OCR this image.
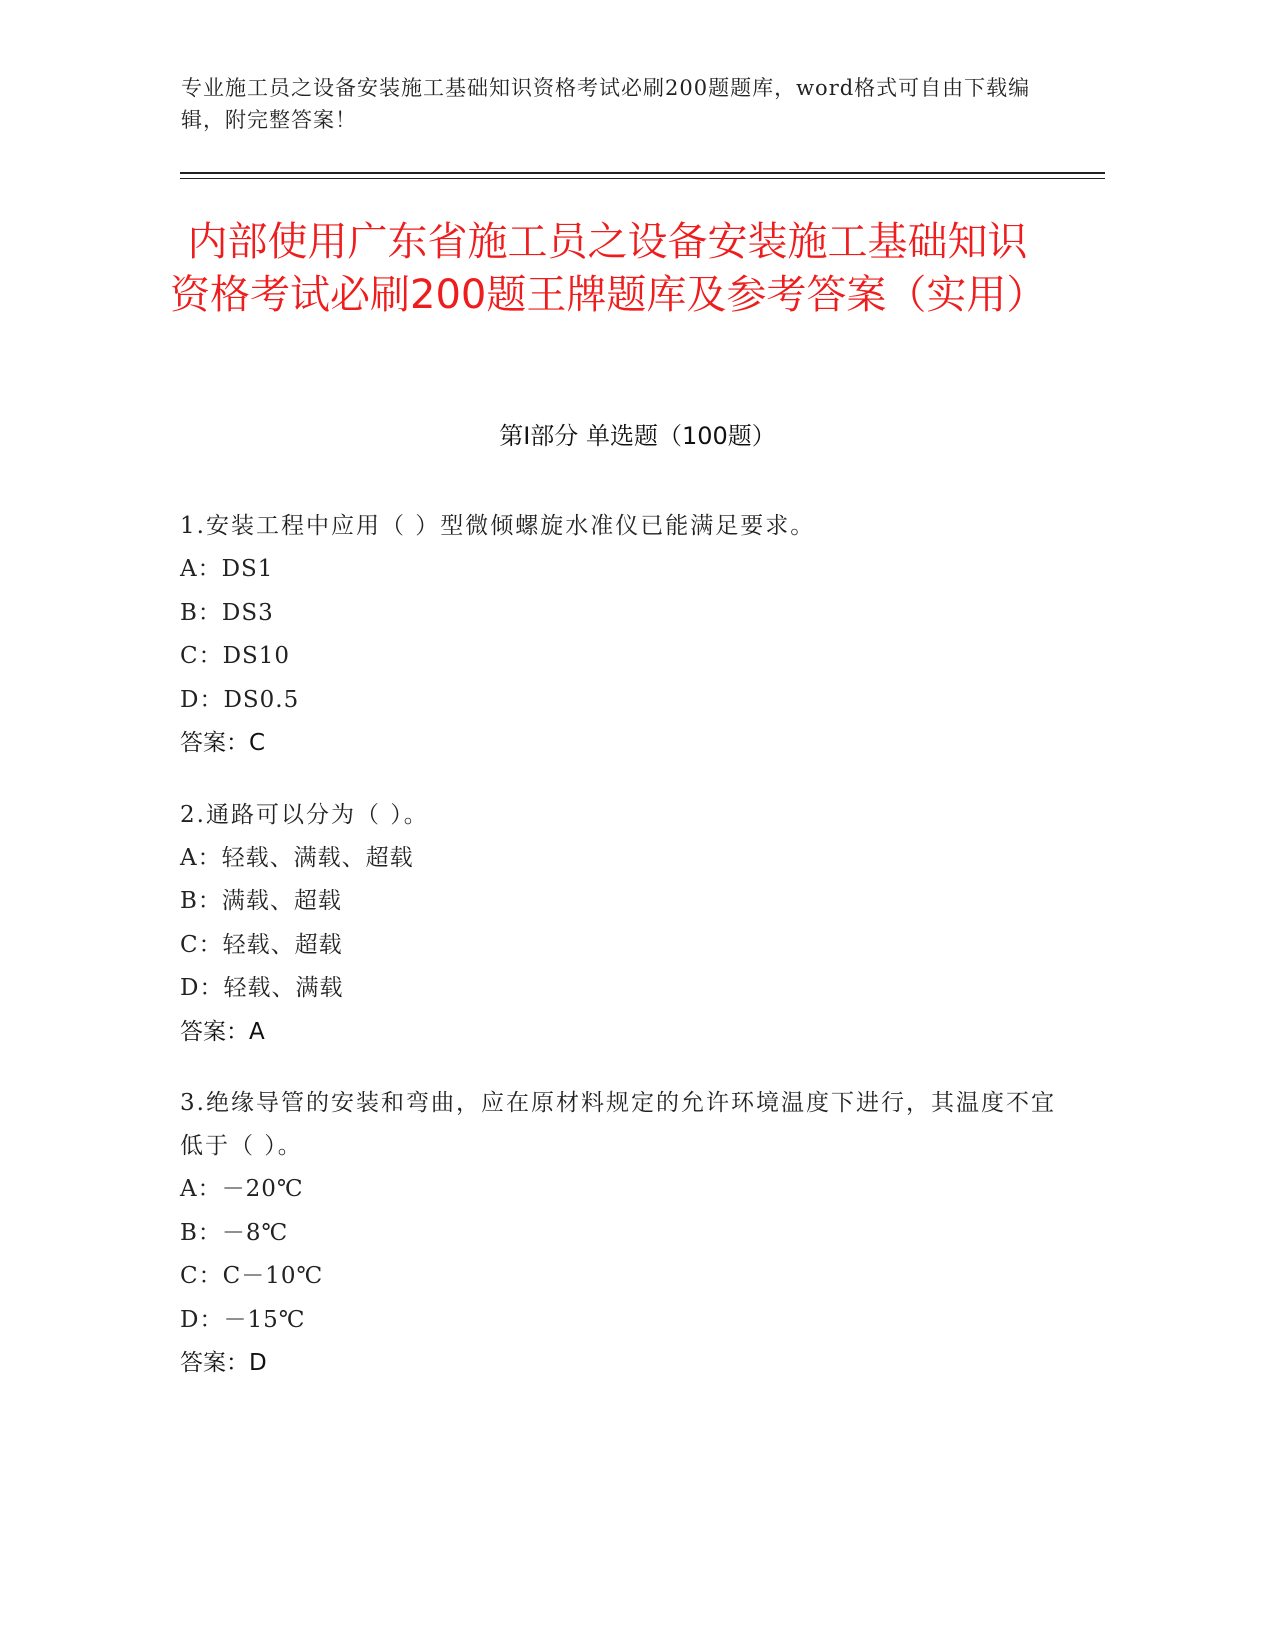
专业施工员之设备安装施工基础知识资格考试必刷200题题库，word格式可自由下载编辑，附完整答案！
内部使用广东省施工员之设备安装施工基础知识资格考试必刷200题王牌题库及参考答案（实用）
第Ⅰ部分 单选题（100题）
1.安装工程中应用（ ）型微倾螺旋水准仪已能满足要求。
A：DS1
B：DS3
C：DS10
D：DS0.5
答案：C
2.通路可以分为（ ）。
A：轻载、满载、超载
B：满载、超载
C：轻载、超载
D：轻载、满载
答案：A
3.绝缘导管的安装和弯曲，应在原材料规定的允许环境温度下进行，其温度不宜低于（ ）。
A：－20℃
B：－8℃
C：C－10℃
D：－15℃
答案：D
